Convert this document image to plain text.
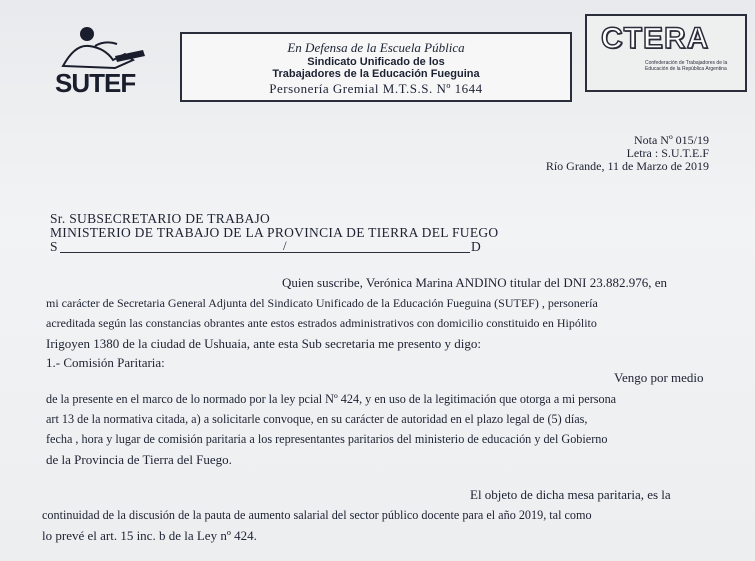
SUTEF
En Defensa de la Escuela Pública
Sindicato Unificado de los
Trabajadores de la Educación Fueguina
Personería Gremial M.T.S.S. Nº 1644
CTERA
Confederación de Trabajadores de la Educación de la República Argentina
Nota Nº 015/19
Letra : S.U.T.E.F
Río Grande, 11 de Marzo de 2019
Sr. SUBSECRETARIO DE TRABAJO
MINISTERIO DE TRABAJO DE LA PROVINCIA DE TIERRA DEL FUEGO
S	/	D
Quien suscribe, Verónica Marina ANDINO titular del DNI 23.882.976, en
mi carácter de Secretaria General Adjunta del Sindicato Unificado de la Educación Fueguina (SUTEF) , personería
acreditada según las constancias obrantes ante estos estrados administrativos con domicilio constituido en Hipólito
Irigoyen 1380 de la ciudad de Ushuaia, ante esta Sub secretaria me presento y digo:
1.- Comisión Paritaria:
Vengo por medio
de la presente en el marco de lo normado por la ley pcial Nº 424, y en uso de la legitimación que otorga a mi persona
art 13 de la normativa citada, a) a solicitarle convoque, en su carácter de autoridad en el plazo legal de (5) días,
fecha , hora y lugar de comisión paritaria a los representantes paritarios del ministerio de educación y del Gobierno
de la Provincia de Tierra del Fuego.
El objeto de dicha mesa paritaria, es la
continuidad de la discusión de la pauta de aumento salarial del sector público docente para el año 2019, tal como
lo prevé el art. 15 inc. b de la Ley nº 424.
